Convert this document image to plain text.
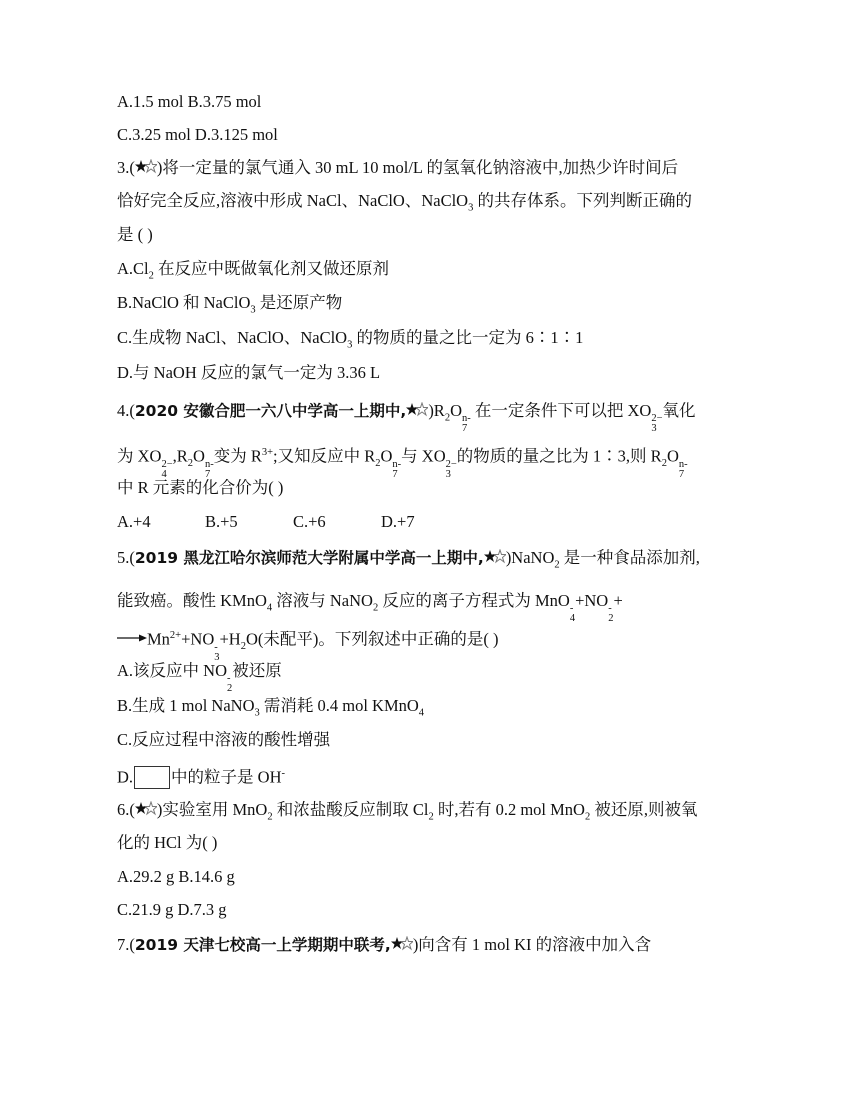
A.1.5 mol B.3.75 mol
C.3.25 mol D.3.125 mol
3.( )将一定量的氯气通入 30 mL 10 mol/L 的氢氧化钠溶液中,加热少许时间后
恰好完全反应,溶液中形成 NaCl、NaClO、NaClO$_3$ 的共存体系。下列判断正确的
是 ( )
$A.Cl_2$ 在反应中既做氧化剂又做还原剂
B.NaClO 和 NaClO$_3$ 是还原产物
C.生成物 NaCl、NaClO、NaClO$_3$ 的物质的量之比一定为 6∶1∶1
D.与 NaOH 反应的氯气一定为 3.36 L
4.(2020 安徽合肥一六八中学高一上期中, )$R_2O$ n-
7
在一定条件下可以把 XO 2−
3
氧化
为 XO 2−
4
$,R_2O$ n-
7
变为 $R^{3+}$;又知反应中 $R_2O$ n-
7
与 XO 2−
3
的物质的量之比为 1∶3,则 $R_2O$ n-
7
中 R 元素的化合价为( )
A.+4	B.+5	C.+6	D.+7
5.(2019 黑龙江哈尔滨师范大学附属中学高一上期中, )NaNO$_2$ 是一种食品添加剂,
能致癌。酸性 KMnO$_4$ 溶液与 NaNO$_2$ 反应的离子方程式为 MnO -
4
+NO -
2
+
$\to Mn^{2+}+NO$ -
3
$+H_2O$(未配平)。下列叙述中正确的是( )
A.该反应中 NO -
2
被还原
B.生成 1 mol NaNO$_3$ 需消耗 0.4 mol KMnO$_4$
C.反应过程中溶液的酸性增强
D. 中的粒子是 OH-
6.( )实验室用 MnO$_2$ 和浓盐酸反应制取 $Cl_2$ 时,若有 0.2 mol MnO$_2$ 被还原,则被氧
化的 HCl 为( )
A.29.2 g B.14.6 g
C.21.9 g D.7.3 g
7.(2019 天津七校高一上学期期中联考, )向含有 1 mol KI 的溶液中加入含
